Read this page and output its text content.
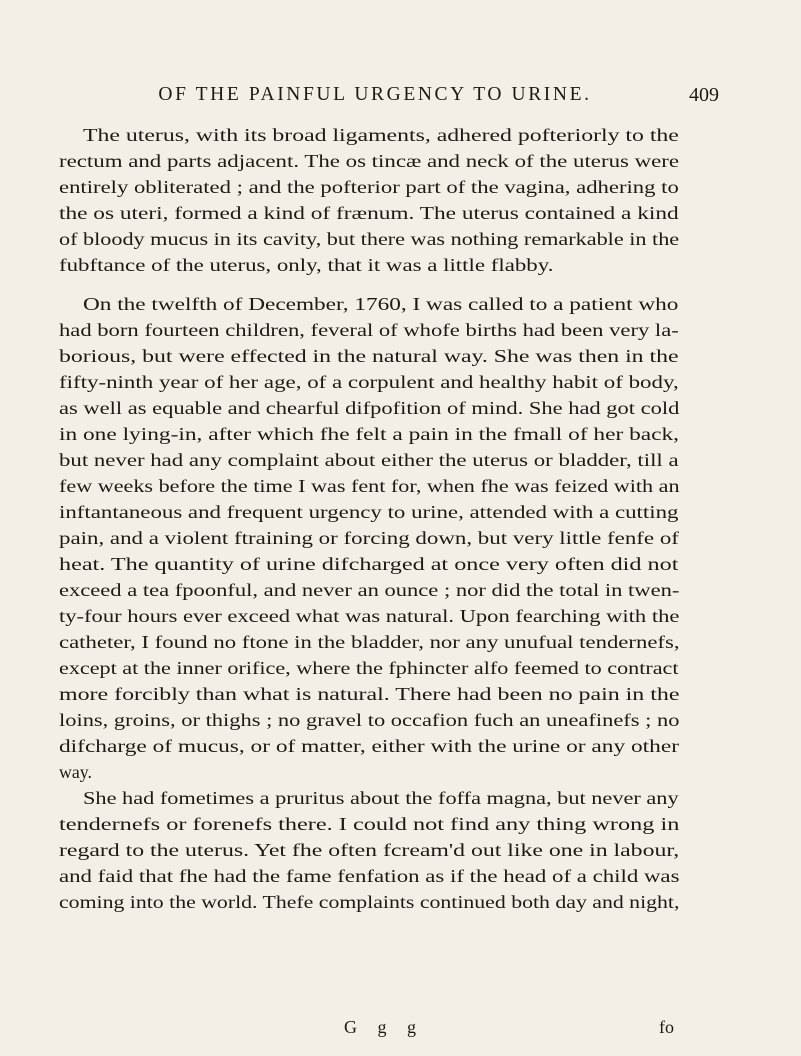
OF THE PAINFUL URGENCY TO URINE.	409
The uterus, with its broad ligaments, adhered pofteriorly to the
rectum and parts adjacent. The os tincæ and neck of the uterus were
entirely obliterated ; and the pofterior part of the vagina, adhering to
the os uteri, formed a kind of frænum. The uterus contained a kind
of bloody mucus in its cavity, but there was nothing remarkable in the
fubftance of the uterus, only, that it was a little flabby.
On the twelfth of December, 1760, I was called to a patient who
had born fourteen children, feveral of whofe births had been very la-
borious, but were effected in the natural way. She was then in the
fifty-ninth year of her age, of a corpulent and healthy habit of body,
as well as equable and chearful difpofition of mind. She had got cold
in one lying-in, after which fhe felt a pain in the fmall of her back,
but never had any complaint about either the uterus or bladder, till a
few weeks before the time I was fent for, when fhe was feized with an
inftantaneous and frequent urgency to urine, attended with a cutting
pain, and a violent ftraining or forcing down, but very little fenfe of
heat. The quantity of urine difcharged at once very often did not
exceed a tea fpoonful, and never an ounce ; nor did the total in twen-
ty-four hours ever exceed what was natural. Upon fearching with the
catheter, I found no ftone in the bladder, nor any unufual tendernefs,
except at the inner orifice, where the fphincter alfo feemed to contract
more forcibly than what is natural. There had been no pain in the
loins, groins, or thighs ; no gravel to occafion fuch an uneafinefs ; no
difcharge of mucus, or of matter, either with the urine or any other
way.
She had fometimes a pruritus about the foffa magna, but never any
tendernefs or forenefs there. I could not find any thing wrong in
regard to the uterus. Yet fhe often fcream'd out like one in labour,
and faid that fhe had the fame fenfation as if the head of a child was
coming into the world. Thefe complaints continued both day and night,
G g g	fo
